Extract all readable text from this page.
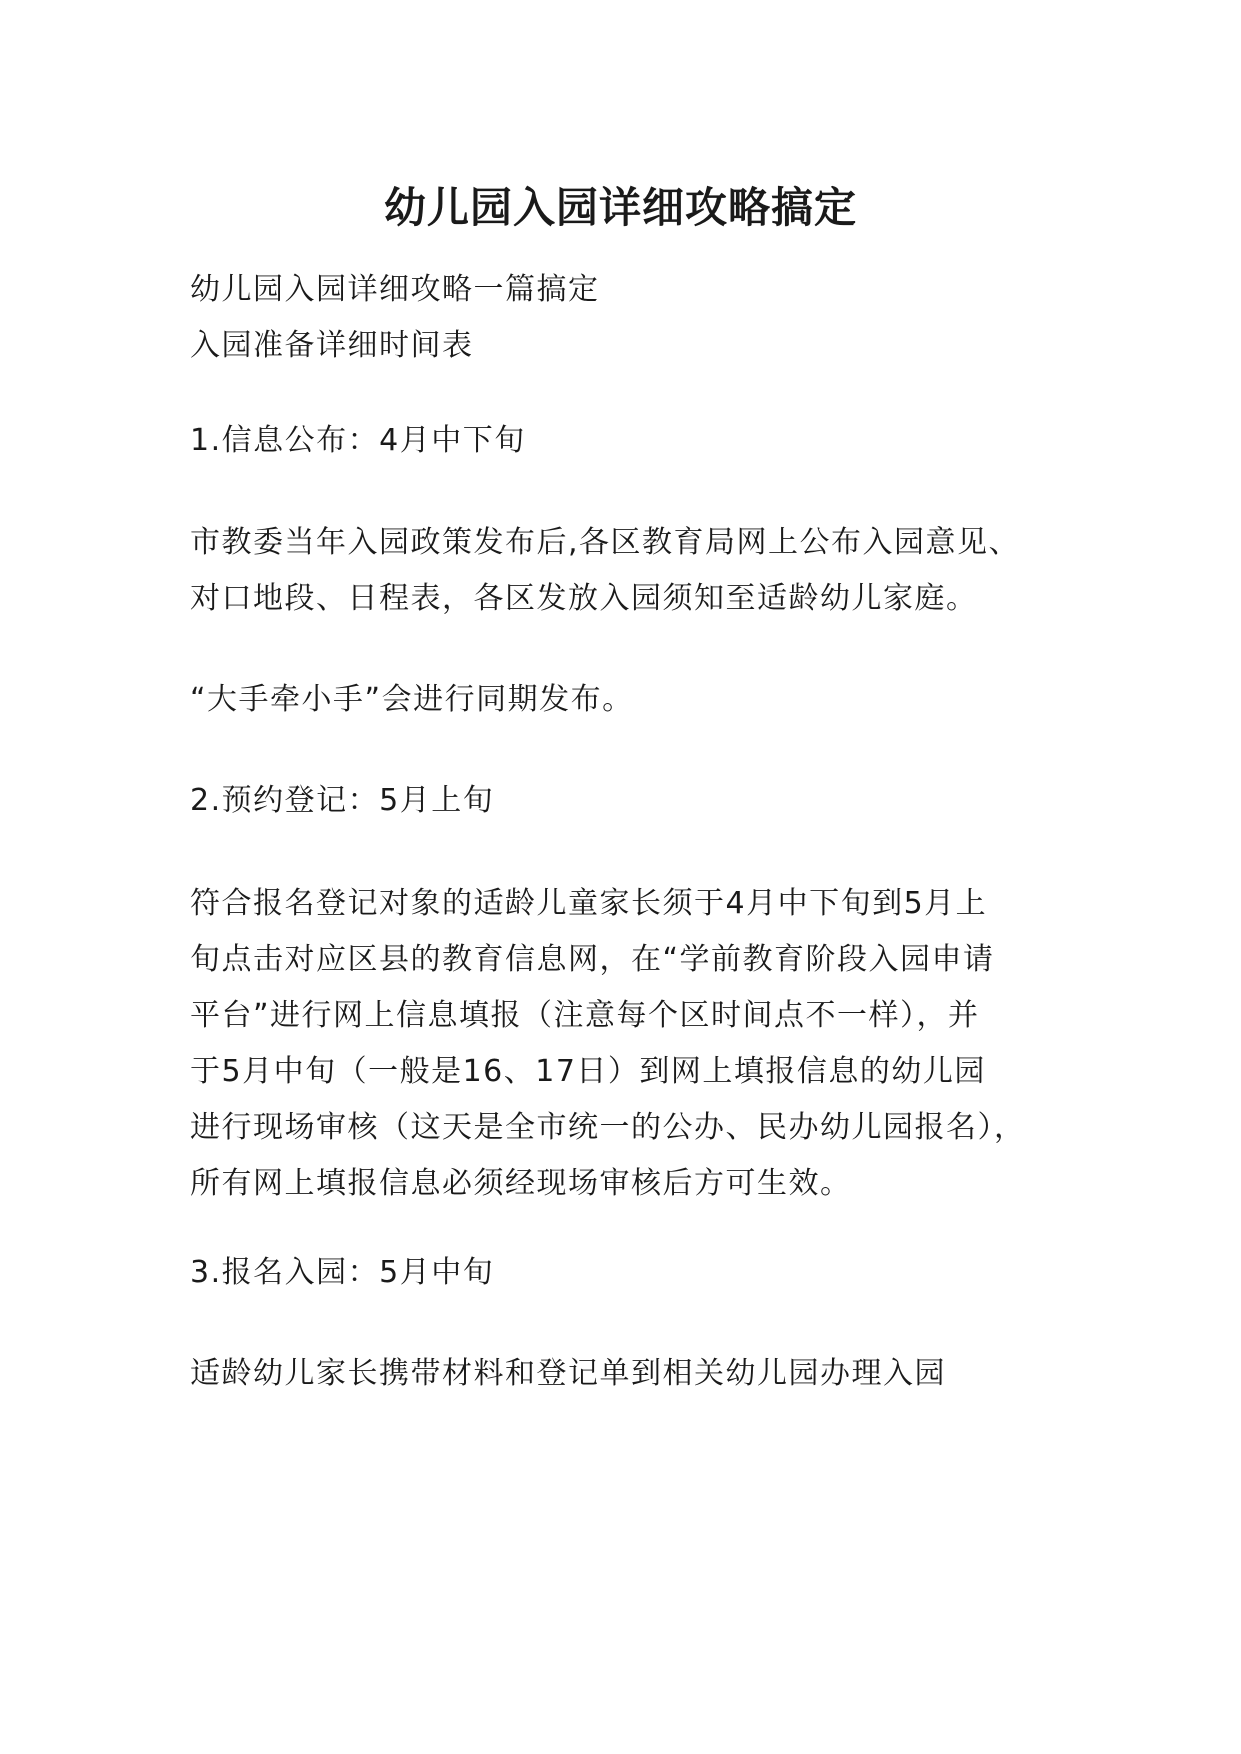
幼儿园入园详细攻略搞定

幼儿园入园详细攻略一篇搞定

入园准备详细时间表

1.信息公布：4月中下旬

市教委当年入园政策发布后,各区教育局网上公布入园意见、

对口地段、日程表，各区发放入园须知至适龄幼儿家庭。

“大手牵小手”会进行同期发布。

2.预约登记：5月上旬

符合报名登记对象的适龄儿童家长须于4月中下旬到5月上

旬点击对应区县的教育信息网，在“学前教育阶段入园申请

平台”进行网上信息填报（注意每个区时间点不一样），并

于5月中旬（一般是16、17日）到网上填报信息的幼儿园

进行现场审核（这天是全市统一的公办、民办幼儿园报名），

所有网上填报信息必须经现场审核后方可生效。

3.报名入园：5月中旬

适龄幼儿家长携带材料和登记单到相关幼儿园办理入园
